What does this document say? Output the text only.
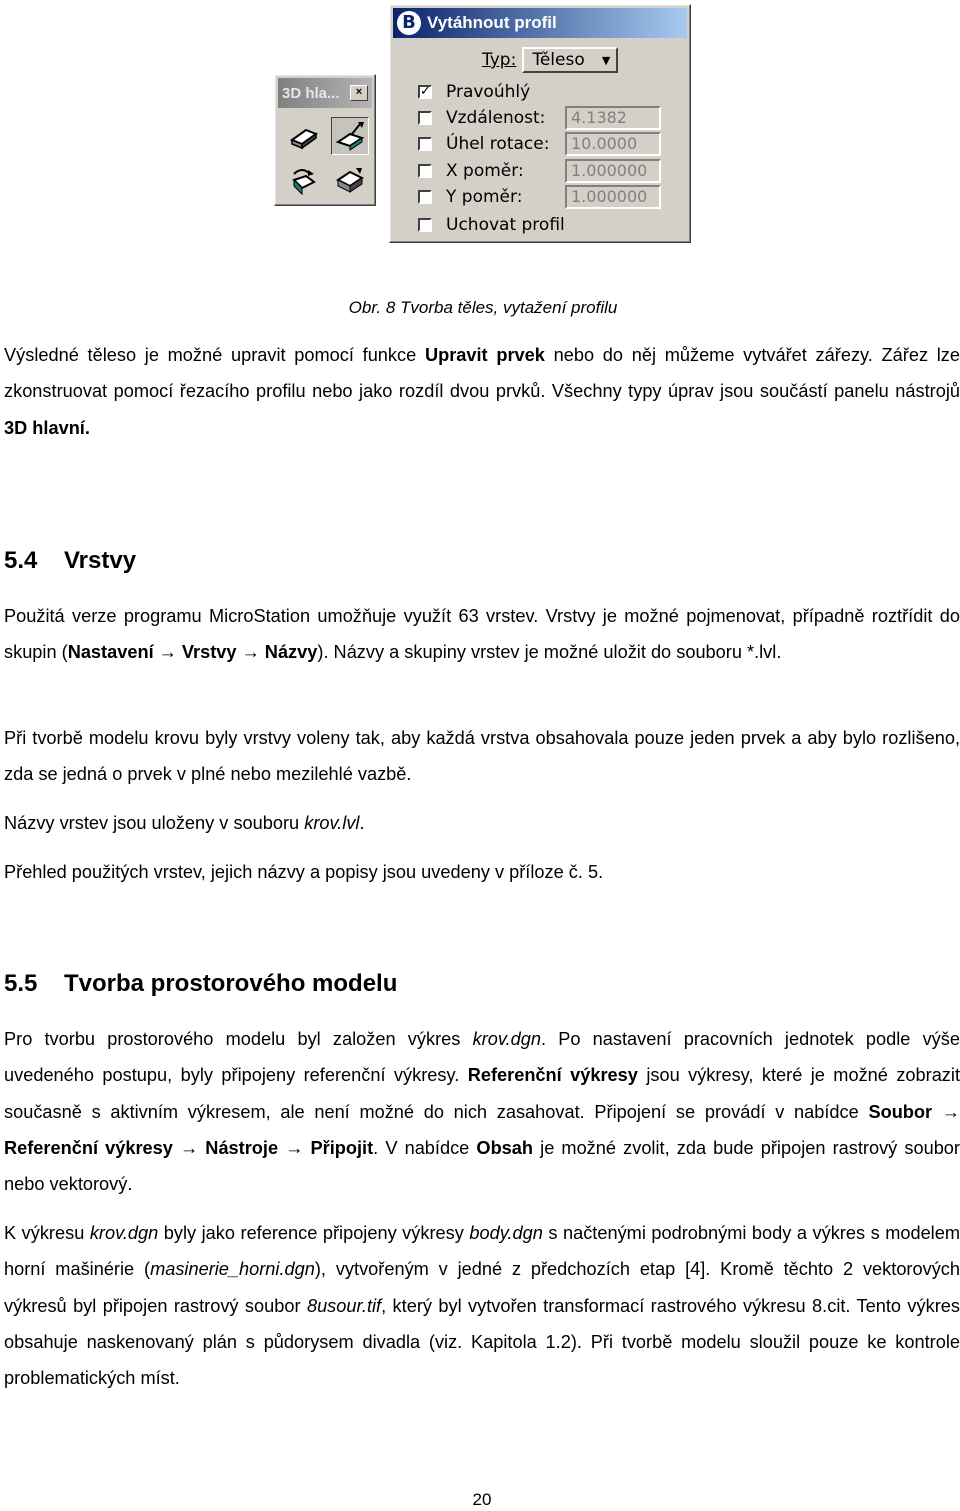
3D hla...	×
B Vytáhnout profil
Typ: Těleso ▼
✓ Pravoúhlý
Vzdálenost:	4.1382
Úhel rotace:	10.0000
X poměr:	1.000000
Y poměr:	1.000000
Uchovat profil
Obr. 8 Tvorba těles, vytažení profilu

Výsledné těleso je možné upravit pomocí funkce Upravit prvek nebo do něj můžeme vytvářet zářezy. Zářez lze zkonstruovat pomocí řezacího profilu nebo jako rozdíl dvou prvků. Všechny typy úprav jsou součástí panelu nástrojů 3D hlavní.

5.4 Vrstvy

Použitá verze programu MicroStation umožňuje využít 63 vrstev. Vrstvy je možné pojmenovat, případně roztřídit do skupin (Nastavení → Vrstvy → Názvy). Názvy a skupiny vrstev je možné uložit do souboru *.lvl.

Při tvorbě modelu krovu byly vrstvy voleny tak, aby každá vrstva obsahovala pouze jeden prvek a aby bylo rozlišeno, zda se jedná o prvek v plné nebo mezilehlé vazbě.

Názvy vrstev jsou uloženy v souboru krov.lvl.

Přehled použitých vrstev, jejich názvy a popisy jsou uvedeny v příloze č. 5.

5.5 Tvorba prostorového modelu

Pro tvorbu prostorového modelu byl založen výkres krov.dgn. Po nastavení pracovních jednotek podle výše uvedeného postupu, byly připojeny referenční výkresy. Referenční výkresy jsou výkresy, které je možné zobrazit současně s aktivním výkresem, ale není možné do nich zasahovat. Připojení se provádí v nabídce Soubor → Referenční výkresy → Nástroje → Připojit. V nabídce Obsah je možné zvolit, zda bude připojen rastrový soubor nebo vektorový.

K výkresu krov.dgn byly jako reference připojeny výkresy body.dgn s načtenými podrobnými body a výkres s modelem horní mašinérie (masinerie_horni.dgn), vytvořeným v jedné z předchozích etap [4]. Kromě těchto 2 vektorových výkresů byl připojen rastrový soubor 8usour.tif, který byl vytvořen transformací rastrového výkresu 8.cit. Tento výkres obsahuje naskenovaný plán s půdorysem divadla (viz. Kapitola 1.2). Při tvorbě modelu sloužil pouze ke kontrole problematických míst.

20
